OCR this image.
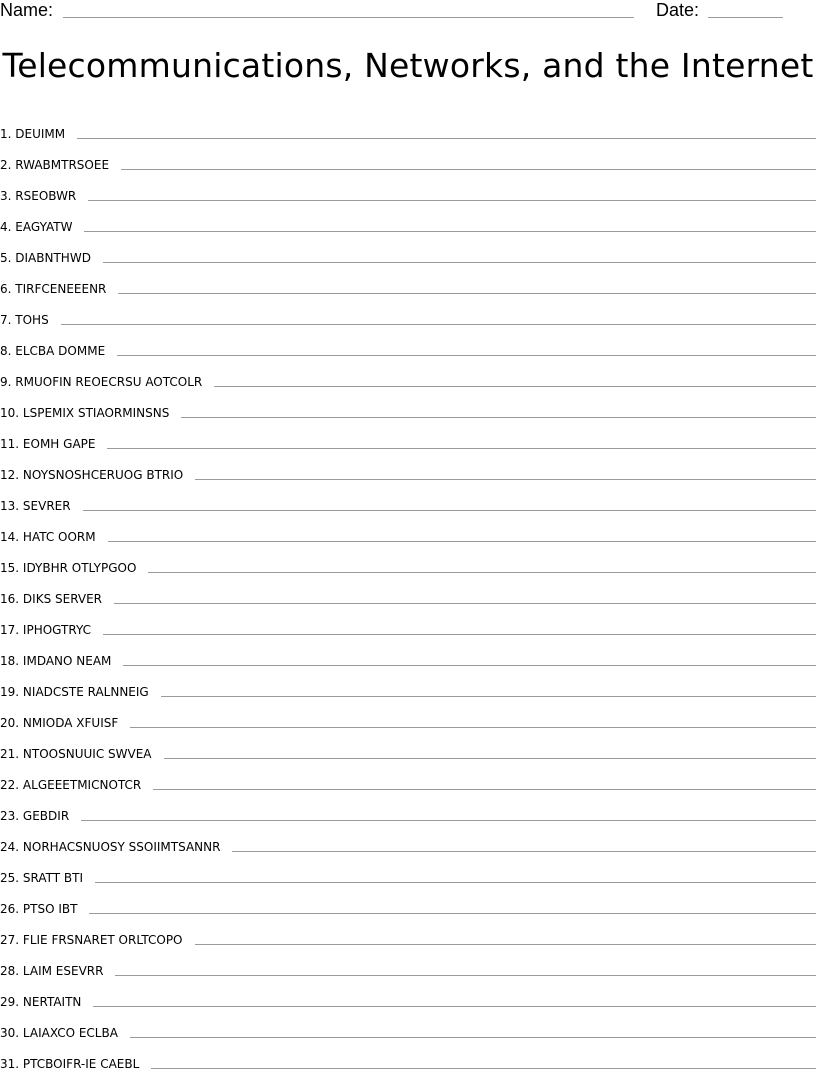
Name:	Date:
Telecommunications, Networks, and the Internet
1. DEUIMM
2. RWABMTRSOEE
3. RSEOBWR
4. EAGYATW
5. DIABNTHWD
6. TIRFCENEEENR
7. TOHS
8. ELCBA DOMME
9. RMUOFIN REOECRSU AOTCOLR
10. LSPEMIX STIAORMINSNS
11. EOMH GAPE
12. NOYSNOSHCERUOG BTRIO
13. SEVRER
14. HATC OORM
15. IDYBHR OTLYPGOO
16. DIKS SERVER
17. IPHOGTRYC
18. IMDANO NEAM
19. NIADCSTE RALNNEIG
20. NMIODA XFUISF
21. NTOOSNUUIC SWVEA
22. ALGEEETMICNOTCR
23. GEBDIR
24. NORHACSNUOSY SSOIIMTSANNR
25. SRATT BTI
26. PTSO IBT
27. FLIE FRSNARET ORLTCOPO
28. LAIM ESEVRR
29. NERTAITN
30. LAIAXCO ECLBA
31. PTCBOIFR-IE CAEBL
